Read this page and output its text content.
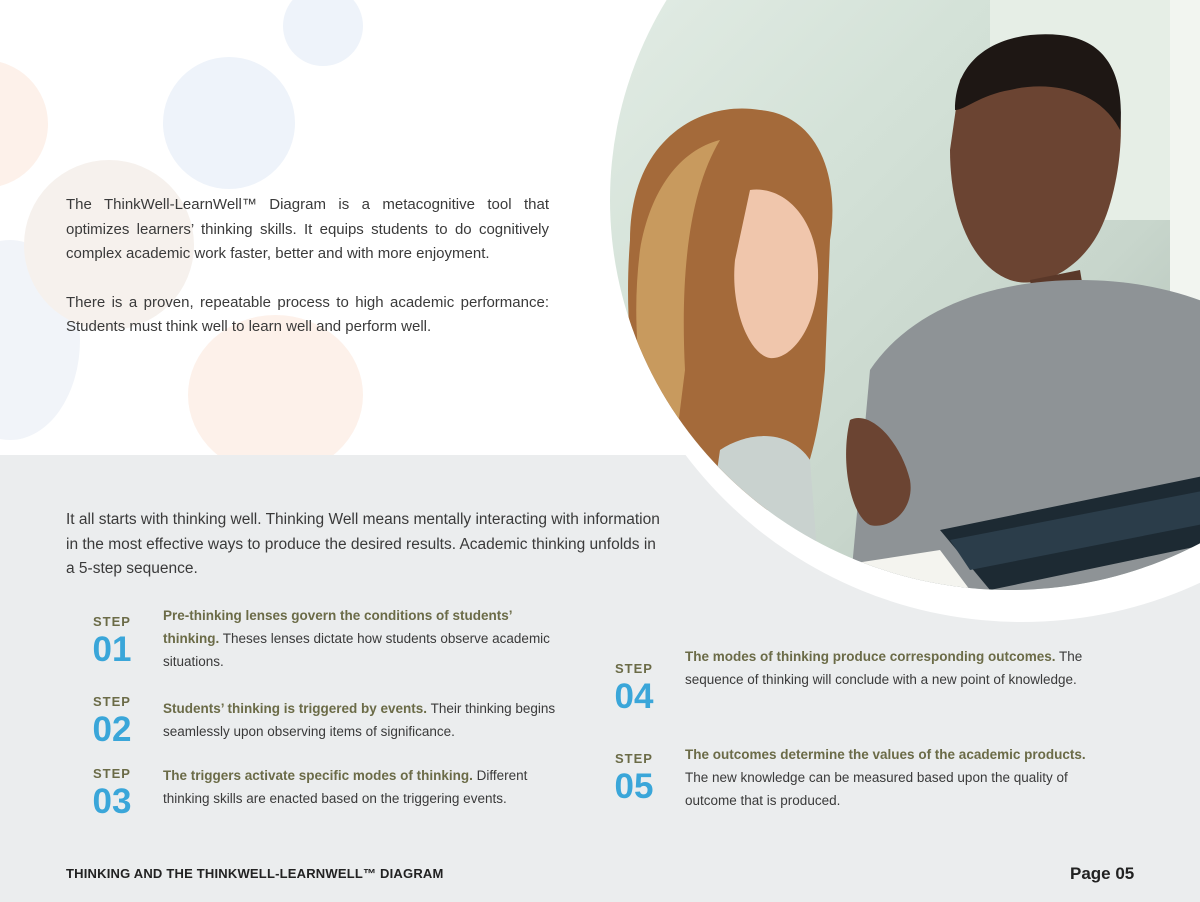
The ThinkWell-LearnWell™ Diagram is a metacognitive tool that optimizes learners’ thinking skills. It equips students to do cognitively complex academic work faster, better and with more enjoyment.

There is a proven, repeatable process to high academic performance: Students must think well to learn well and perform well.

It all starts with thinking well. Thinking Well means mentally interacting with information in the most effective ways to produce the desired results. Academic thinking unfolds in a 5-step sequence.

STEP
01
Pre-thinking lenses govern the conditions of students’ thinking. Theses lenses dictate how students observe academic situations.
STEP
02
Students’ thinking is triggered by events. Their thinking begins seamlessly upon observing items of significance.
STEP
03
The triggers activate specific modes of thinking. Different thinking skills are enacted based on the triggering events.
STEP
04
The modes of thinking produce corresponding outcomes. The sequence of thinking will conclude with a new point of knowledge.
STEP
05
The outcomes determine the values of the academic products. The new knowledge can be measured based upon the quality of outcome that is produced.
THINKING AND THE THINKWELL-LEARNWELL™ DIAGRAM	Page 05
